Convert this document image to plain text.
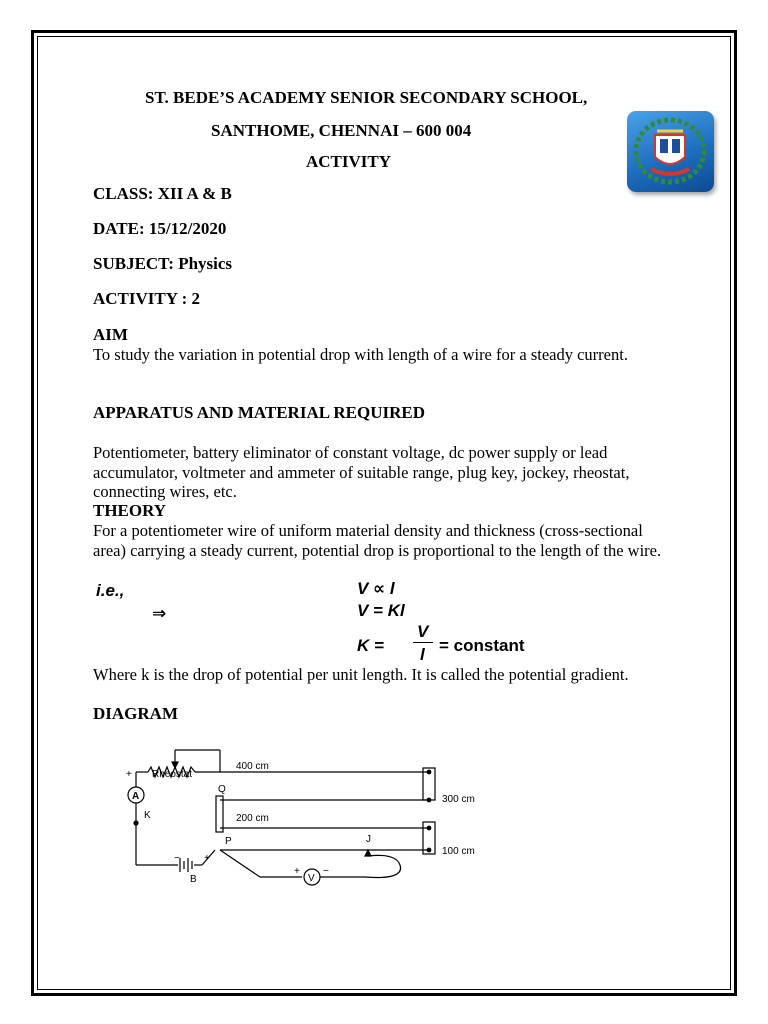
ST. BEDE’S ACADEMY SENIOR SECONDARY SCHOOL,
SANTHOME, CHENNAI – 600 004
ACTIVITY
CLASS: XII A & B
DATE: 15/12/2020
SUBJECT: Physics
ACTIVITY : 2
AIM
To study the variation in potential drop with length of a wire for a steady current.
APPARATUS AND MATERIAL REQUIRED
Potentiometer, battery eliminator of constant voltage, dc power supply or lead accumulator, voltmeter and ammeter of suitable range, plug key, jockey, rheostat, connecting wires, etc.
THEORY
For a potentiometer wire of uniform material density and thickness (cross-sectional area) carrying a steady current, potential drop is proportional to the length of the wire.
i.e.,
⇒
V ∝ l
V = Kl
K =
V
l = constant
Where k is the drop of potential per unit length. It is called the potential gradient.
DIAGRAM
Rheostat
A
+
K
Q
P	J
B	V
400 cm
300 cm
200 cm
100 cm
− +
+ −
